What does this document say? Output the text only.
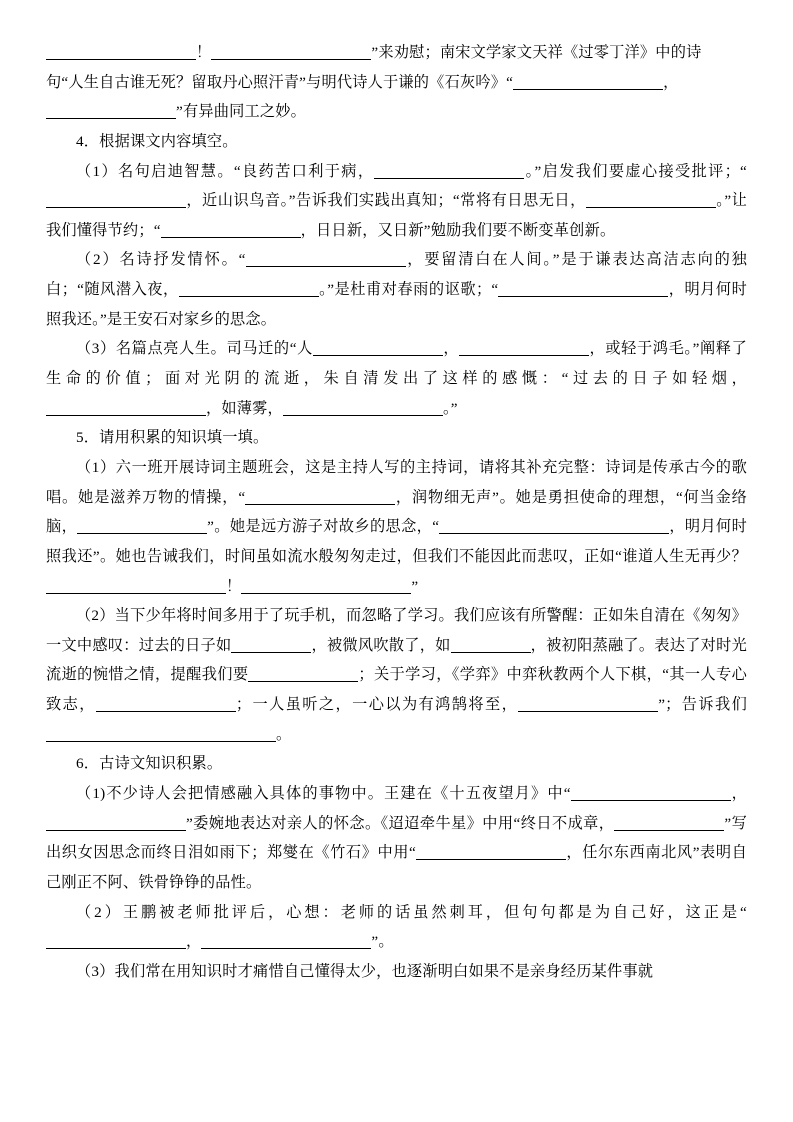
！	”来劝慰；南宋文学家文天祥《过零丁洋》中的诗

句“人生自古谁无死？留取丹心照汗青”与明代诗人于谦的《石灰吟》“	，

”有异曲同工之妙。

4．根据课文内容填空。

（1）名句启迪智慧。“良药苦口利于病，	。”启发我们要虚心接受批评；“，近山识鸟音。”告诉我们实践出真知；“常将有日思无日，	。”让我们懂得节约；“	，日日新，又日新”勉励我们要不断变革创新。

（2）名诗抒发情怀。“	，要留清白在人间。”是于谦表达高洁志向的独白；“随风潜入夜，	。”是杜甫对春雨的讴歌；“	，明月何时照我还。”是王安石对家乡的思念。

（3）名篇点亮人生。司马迁的“人	，	，或轻于鸿毛。”阐释了生命的价值；面对光阴的流逝，朱自清发出了这样的感慨：“过去的日子如轻烟，，如薄雾，	。”

5．请用积累的知识填一填。

（1）六一班开展诗词主题班会，这是主持人写的主持词，请将其补充完整：诗词是传承古今的歌唱。她是滋养万物的情操，“	，润物细无声”。她是勇担使命的理想，“何当金络脑，	”。她是远方游子对故乡的思念，“	，明月何时照我还”。她也告诫我们，时间虽如流水般匆匆走过，但我们不能因此而悲叹，正如“谁道人生无再少？！	”

（2）当下少年将时间多用于了玩手机，而忽略了学习。我们应该有所警醒：正如朱自清在《匆匆》一文中感叹：过去的日子如	，被微风吹散了，如	，被初阳蒸融了。表达了对时光流逝的惋惜之情，提醒我们要	；关于学习，《学弈》中弈秋教两个人下棋，“其一人专心致志，	；一人虽听之，一心以为有鸿鹄将至，	”；告诉我们。

6．古诗文知识积累。

（1)不少诗人会把情感融入具体的事物中。王建在《十五夜望月》中“	，”委婉地表达对亲人的怀念。《迢迢牵牛星》中用“终日不成章，	”写出织女因思念而终日泪如雨下；郑燮在《竹石》中用“	，任尔东西南北风”表明自己刚正不阿、铁骨铮铮的品性。

（2）王鹏被老师批评后，心想：老师的话虽然刺耳，但句句都是为自己好，这正是“，	”。

（3）我们常在用知识时才痛惜自己懂得太少，也逐渐明白如果不是亲身经历某件事就
